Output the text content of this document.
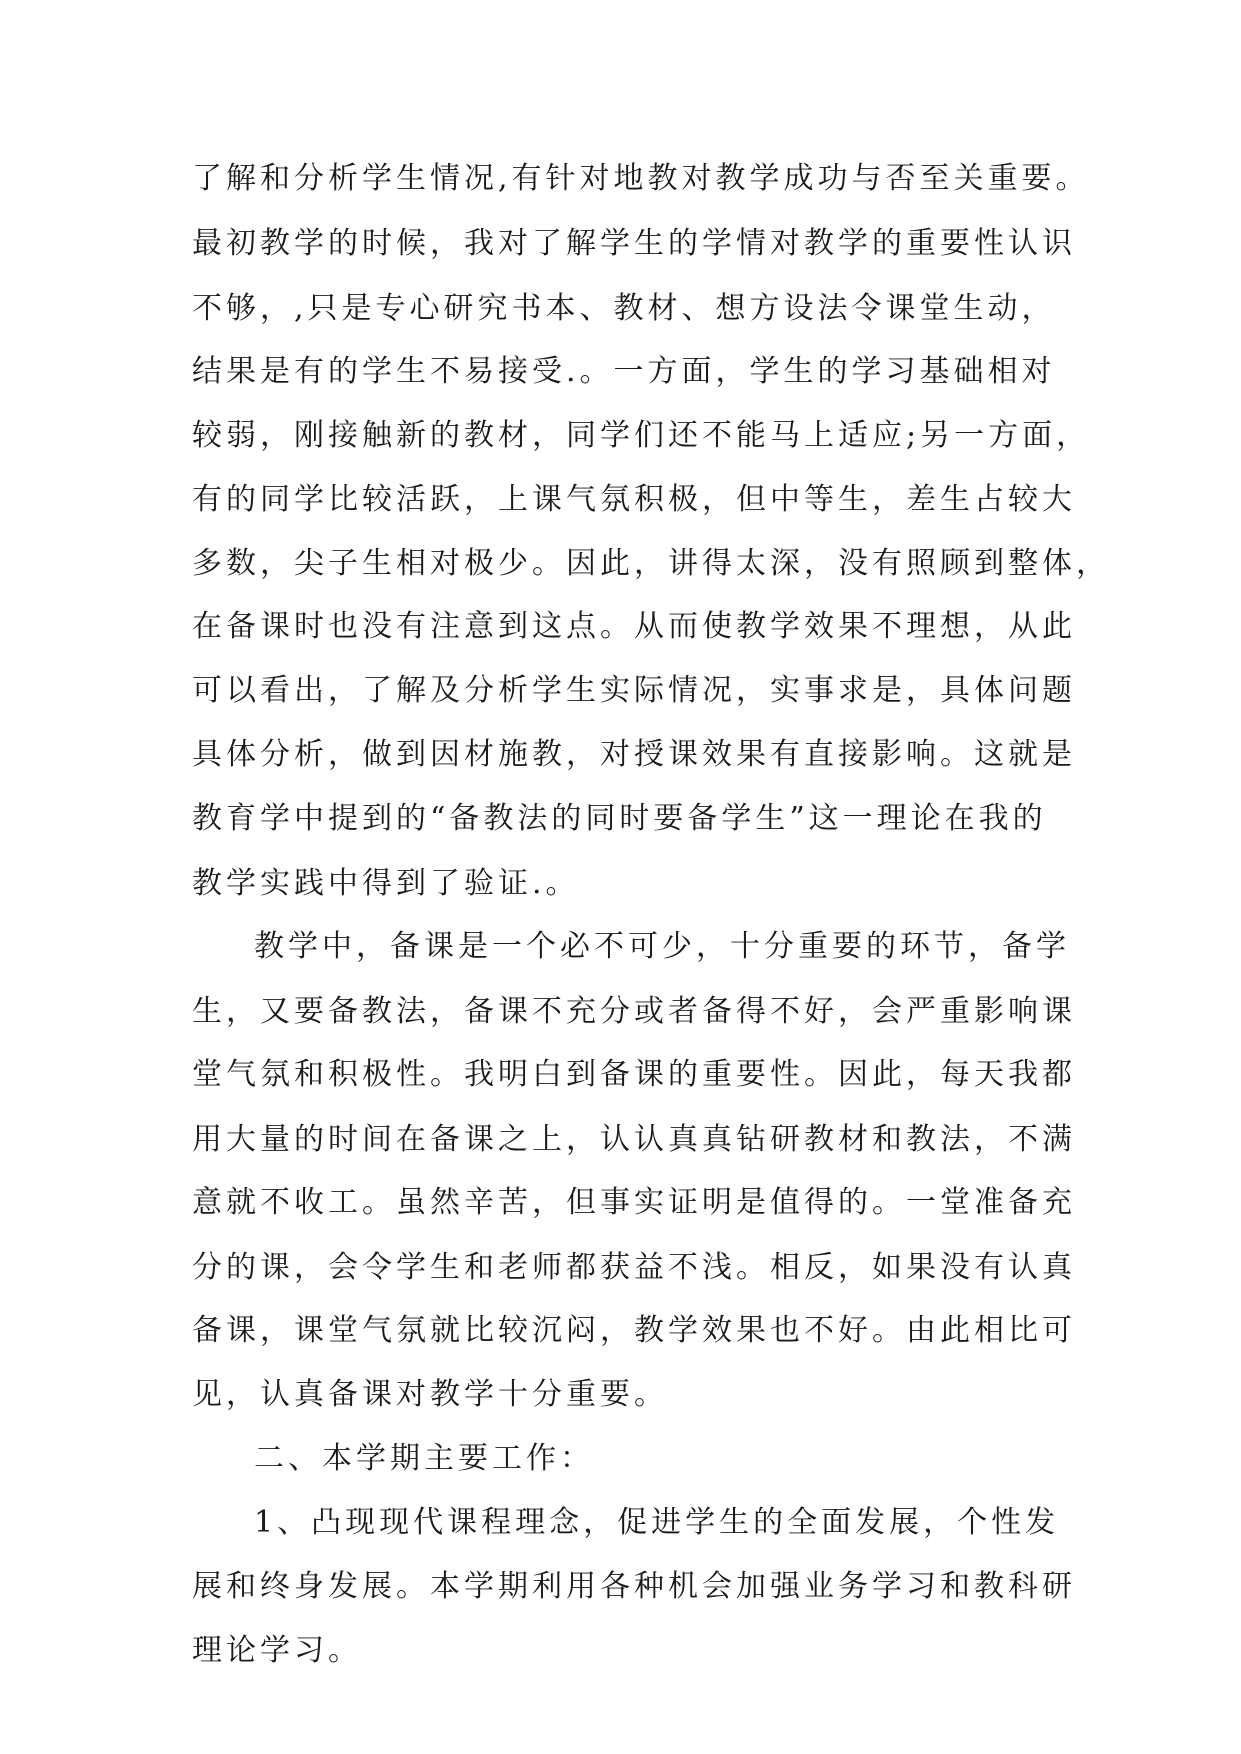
了解和分析学生情况,有针对地教对教学成功与否至关重要。
最初教学的时候，我对了解学生的学情对教学的重要性认识
不够，,只是专心研究书本、教材、想方设法令课堂生动，
结果是有的学生不易接受.。一方面，学生的学习基础相对
较弱，刚接触新的教材，同学们还不能马上适应;另一方面，
有的同学比较活跃，上课气氛积极，但中等生，差生占较大
多数，尖子生相对极少。因此，讲得太深，没有照顾到整体，
在备课时也没有注意到这点。从而使教学效果不理想，从此
可以看出，了解及分析学生实际情况，实事求是，具体问题
具体分析，做到因材施教，对授课效果有直接影响。这就是
教育学中提到的“备教法的同时要备学生”这一理论在我的
教学实践中得到了验证.。
教学中，备课是一个必不可少，十分重要的环节，备学
生，又要备教法，备课不充分或者备得不好，会严重影响课
堂气氛和积极性。我明白到备课的重要性。因此，每天我都
用大量的时间在备课之上，认认真真钻研教材和教法，不满
意就不收工。虽然辛苦，但事实证明是值得的。一堂准备充
分的课，会令学生和老师都获益不浅。相反，如果没有认真
备课，课堂气氛就比较沉闷，教学效果也不好。由此相比可
见，认真备课对教学十分重要。
二、本学期主要工作：
1、凸现现代课程理念，促进学生的全面发展，个性发
展和终身发展。本学期利用各种机会加强业务学习和教科研
理论学习。
